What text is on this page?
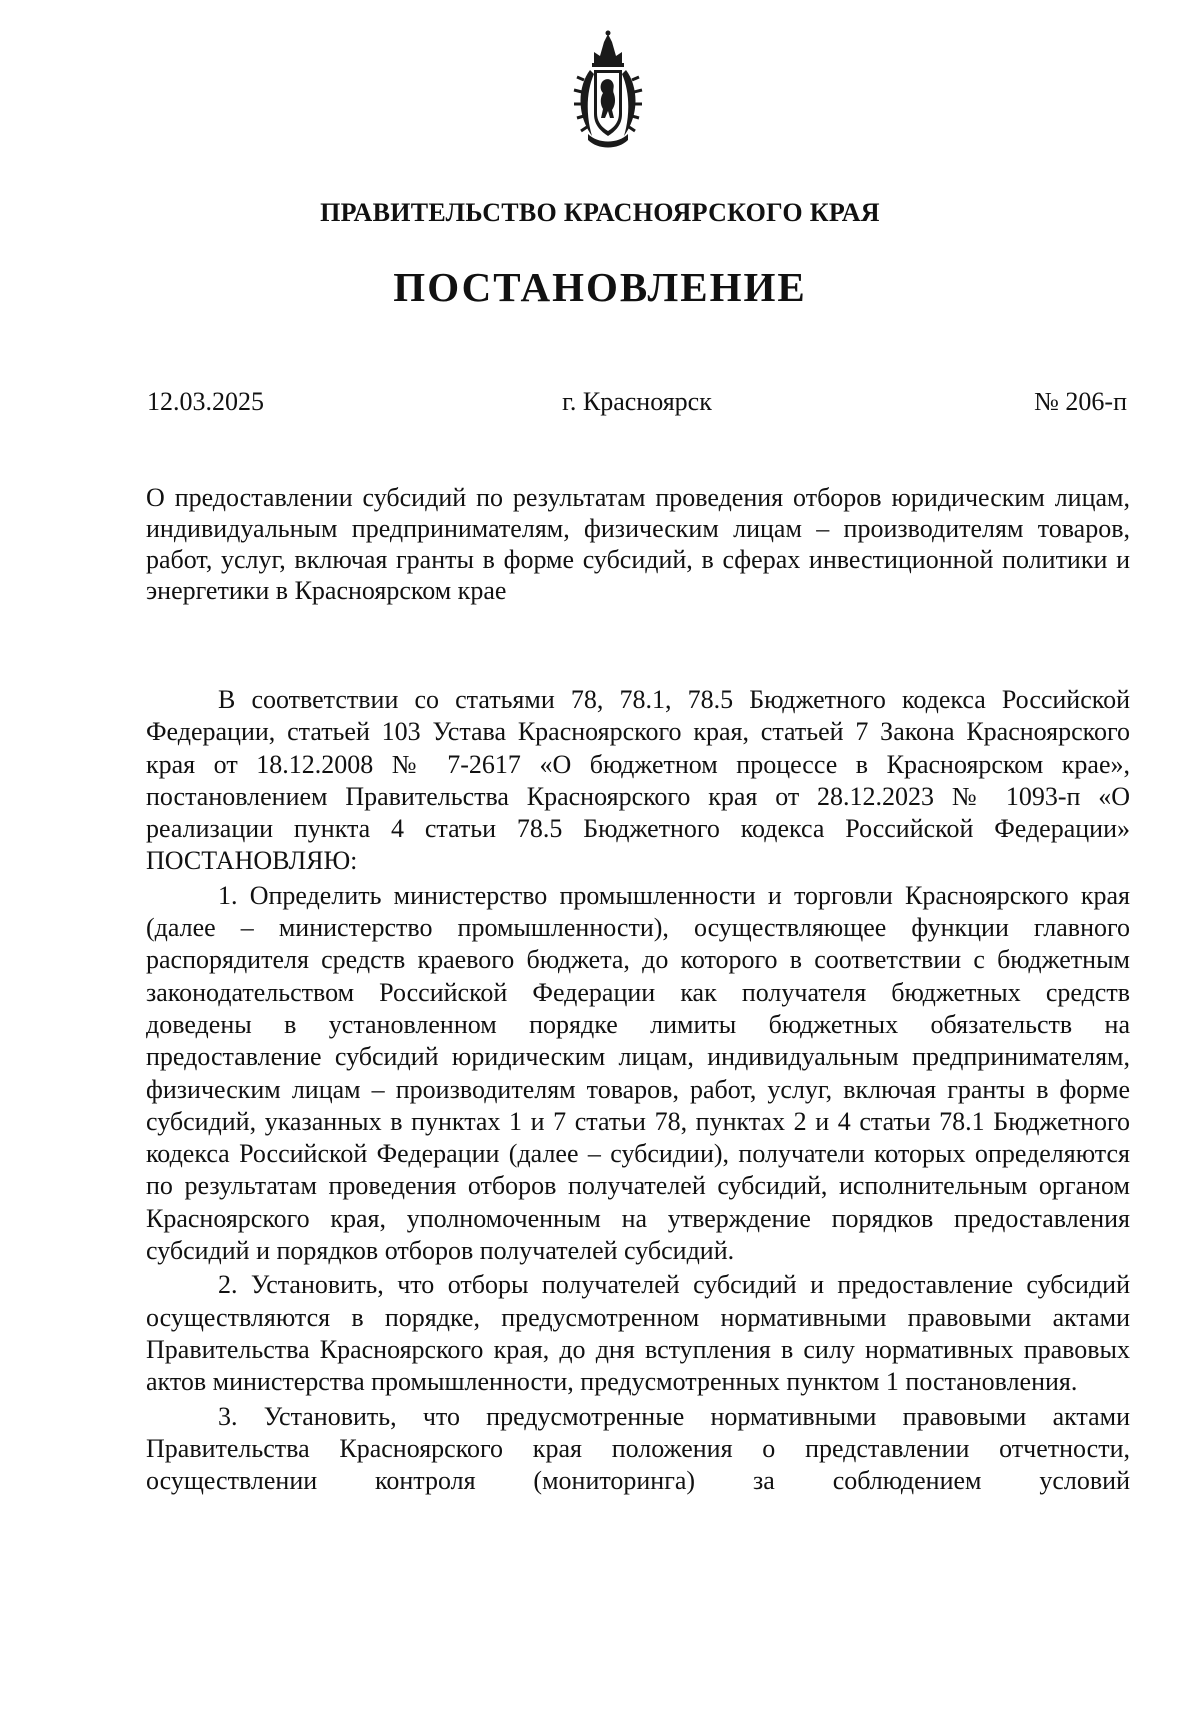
ПРАВИТЕЛЬСТВО КРАСНОЯРСКОГО КРАЯ
ПОСТАНОВЛЕНИЕ
г. Красноярск
12.03.2025	№ 206-п
О предоставлении субсидий по результатам проведения отборов юридическим лицам, индивидуальным предпринимателям, физическим лицам – производителям товаров, работ, услуг, включая гранты в форме субсидий, в сферах инвестиционной политики и энергетики в Красноярском крае

В соответствии со статьями 78, 78.1, 78.5 Бюджетного кодекса Российской Федерации, статьей 103 Устава Красноярского края, статьей 7 Закона Красноярского края от 18.12.2008 № 7-2617 «О бюджетном процессе в Красноярском крае», постановлением Правительства Красноярского края от 28.12.2023 № 1093-п «О реализации пункта 4 статьи 78.5 Бюджетного кодекса Российской Федерации» ПОСТАНОВЛЯЮ:

1. Определить министерство промышленности и торговли Красноярского края (далее – министерство промышленности), осуществляющее функции главного распорядителя средств краевого бюджета, до которого в соответствии с бюджетным законодательством Российской Федерации как получателя бюджетных средств доведены в установленном порядке лимиты бюджетных обязательств на предоставление субсидий юридическим лицам, индивидуальным предпринимателям, физическим лицам – производителям товаров, работ, услуг, включая гранты в форме субсидий, указанных в пунктах 1 и 7 статьи 78, пунктах 2 и 4 статьи 78.1 Бюджетного кодекса Российской Федерации (далее – субсидии), получатели которых определяются по результатам проведения отборов получателей субсидий, исполнительным органом Красноярского края, уполномоченным на утверждение порядков предоставления субсидий и порядков отборов получателей субсидий.

2. Установить, что отборы получателей субсидий и предоставление субсидий осуществляются в порядке, предусмотренном нормативными правовыми актами Правительства Красноярского края, до дня вступления в силу нормативных правовых актов министерства промышленности, предусмотренных пунктом 1 постановления.

3. Установить, что предусмотренные нормативными правовыми актами Правительства Красноярского края положения о представлении отчетности, осуществлении контроля (мониторинга) за соблюдением условий
